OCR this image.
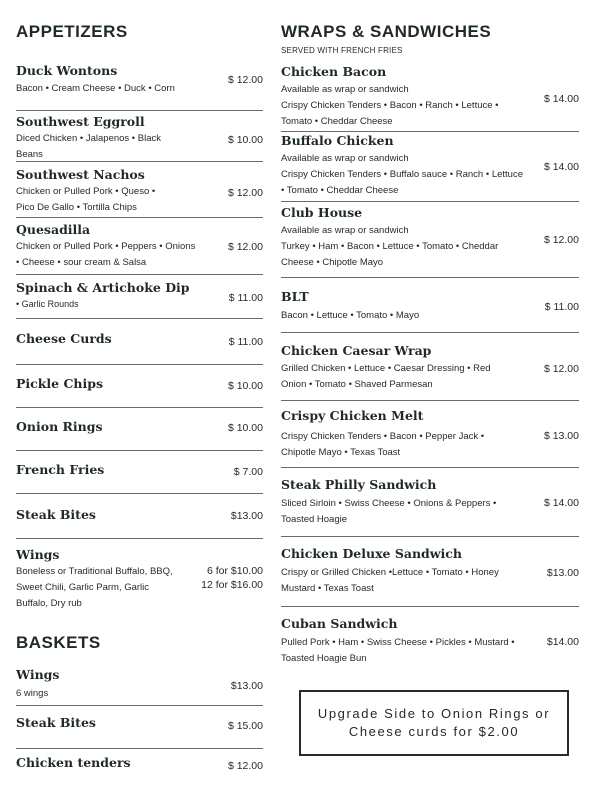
APPETIZERS
Duck Wontons
Bacon • Cream Cheese • Duck • Corn
$ 12.00
Southwest Eggroll
Diced Chicken • Jalapenos • Black Beans
$ 10.00
Southwest Nachos
Chicken or Pulled Pork • Queso • Pico De Gallo • Tortilla Chips
$ 12.00
Quesadilla
Chicken or Pulled Pork • Peppers • Onions • Cheese • sour cream & Salsa
$ 12.00
Spinach & Artichoke Dip
• Garlic Rounds	$ 11.00
Cheese Curds	$ 11.00
Pickle Chips	$ 10.00
Onion Rings	$ 10.00
French Fries	$ 7.00
Steak Bites	$13.00
Wings
Boneless or Traditional Buffalo, BBQ, Sweet Chili, Garlic Parm, Garlic Buffalo, Dry rub
6 for $10.00
12 for $16.00
BASKETS
Wings
6 wings
$13.00
Steak Bites	$ 15.00
Chicken tenders	$ 12.00
WRAPS & SANDWICHES
SERVED WITH FRENCH FRIES
Chicken Bacon
Available as wrap or sandwich
Crispy Chicken Tenders • Bacon • Ranch • Lettuce • Tomato • Cheddar Cheese
$ 14.00
Buffalo Chicken
Available as wrap or sandwich
Crispy Chicken Tenders • Buffalo sauce • Ranch • Lettuce • Tomato • Cheddar Cheese
$ 14.00
Club House
Available as wrap or sandwich
Turkey • Ham • Bacon • Lettuce • Tomato • Cheddar Cheese • Chipotle Mayo
$ 12.00
BLT
Bacon • Lettuce • Tomato • Mayo
$ 11.00
Chicken Caesar Wrap
Grilled Chicken • Lettuce • Caesar Dressing • Red Onion • Tomato • Shaved Parmesan
$ 12.00
Crispy Chicken Melt
Crispy Chicken Tenders • Bacon • Pepper Jack • Chipotle Mayo • Texas Toast
$ 13.00
Steak Philly Sandwich
Sliced Sirloin • Swiss Cheese • Onions & Peppers • Toasted Hoagie
$ 14.00
Chicken Deluxe Sandwich
Crispy or Grilled Chicken •Lettuce • Tomato • Honey Mustard • Texas Toast
$13.00
Cuban Sandwich
Pulled Pork • Ham • Swiss Cheese • Pickles • Mustard • Toasted Hoagie Bun
$14.00
Upgrade Side to Onion Rings or Cheese curds for $2.00
